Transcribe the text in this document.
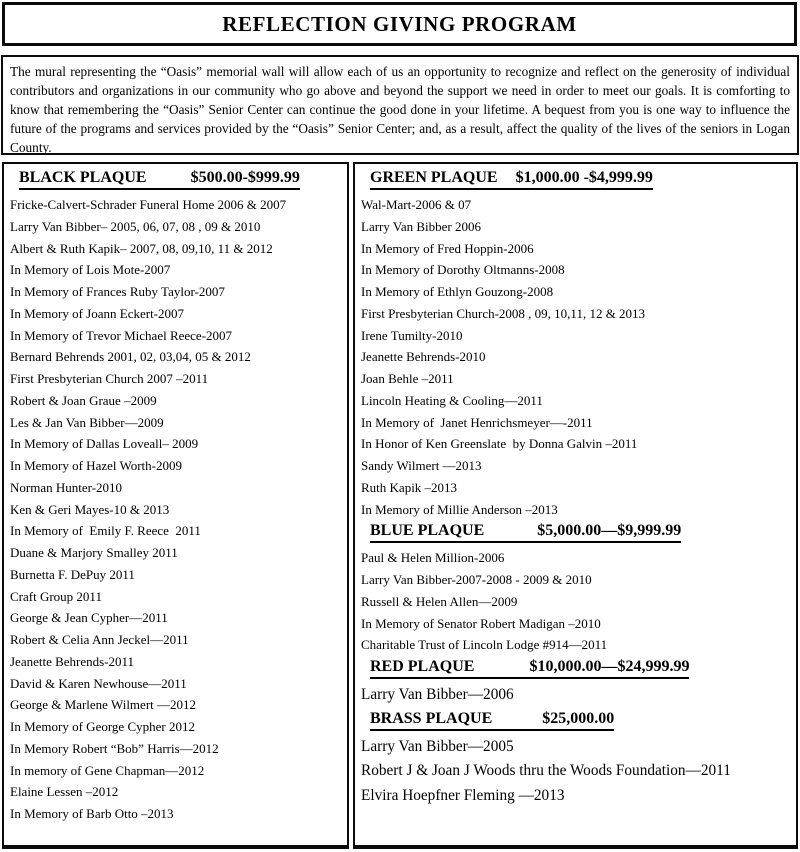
REFLECTION GIVING PROGRAM
The mural representing the “Oasis” memorial wall will allow each of us an opportunity to recognize and reflect on the generosity of individual contributors and organizations in our community who go above and beyond the support we need in order to meet our goals. It is comforting to know that remembering the “Oasis” Senior Center can continue the good done in your lifetime. A bequest from you is one way to influence the future of the programs and services provided by the “Oasis” Senior Center; and, as a result, affect the quality of the lives of the seniors in Logan County.
BLACK PLAQUE	$500.00-$999.99
Fricke-Calvert-Schrader Funeral Home 2006 & 2007
Larry Van Bibber– 2005, 06, 07, 08 , 09 & 2010
Albert & Ruth Kapik– 2007, 08, 09,10, 11 & 2012
In Memory of Lois Mote-2007
In Memory of Frances Ruby Taylor-2007
In Memory of Joann Eckert-2007
In Memory of Trevor Michael Reece-2007
Bernard Behrends 2001, 02, 03,04, 05 & 2012
First Presbyterian Church 2007 –2011
Robert & Joan Graue –2009
Les & Jan Van Bibber—2009
In Memory of Dallas Loveall– 2009
In Memory of Hazel Worth-2009
Norman Hunter-2010
Ken & Geri Mayes-10 & 2013
In Memory of  Emily F. Reece  2011
Duane & Marjory Smalley 2011
Burnetta F. DePuy 2011
Craft Group 2011
George & Jean Cypher—2011
Robert & Celia Ann Jeckel—2011
Jeanette Behrends-2011
David & Karen Newhouse—2011
George & Marlene Wilmert —2012
In Memory of George Cypher 2012
In Memory Robert “Bob” Harris—2012
In memory of Gene Chapman—2012
Elaine Lessen –2012
In Memory of Barb Otto –2013
GREEN PLAQUE $1,000.00 -$4,999.99
Wal-Mart-2006 & 07
Larry Van Bibber 2006
In Memory of Fred Hoppin-2006
In Memory of Dorothy Oltmanns-2008
In Memory of Ethlyn Gouzong-2008
First Presbyterian Church-2008 , 09, 10,11, 12 & 2013
Irene Tumilty-2010
Jeanette Behrends-2010
Joan Behle –2011
Lincoln Heating & Cooling—2011
In Memory of  Janet Henrichsmeyer—-2011
In Honor of Ken Greenslate  by Donna Galvin –2011
Sandy Wilmert —2013
Ruth Kapik –2013
In Memory of Millie Anderson –2013
BLUE PLAQUE	$5,000.00—$9,999.99
Paul & Helen Million-2006
Larry Van Bibber-2007-2008 - 2009 & 2010
Russell & Helen Allen—2009
In Memory of Senator Robert Madigan –2010
Charitable Trust of Lincoln Lodge #914—2011
RED PLAQUE	$10,000.00—$24,999.99
Larry Van Bibber—2006
BRASS PLAQUE	$25,000.00
Larry Van Bibber—2005
Robert J & Joan J Woods thru the Woods Foundation—2011
Elvira Hoepfner Fleming —2013
